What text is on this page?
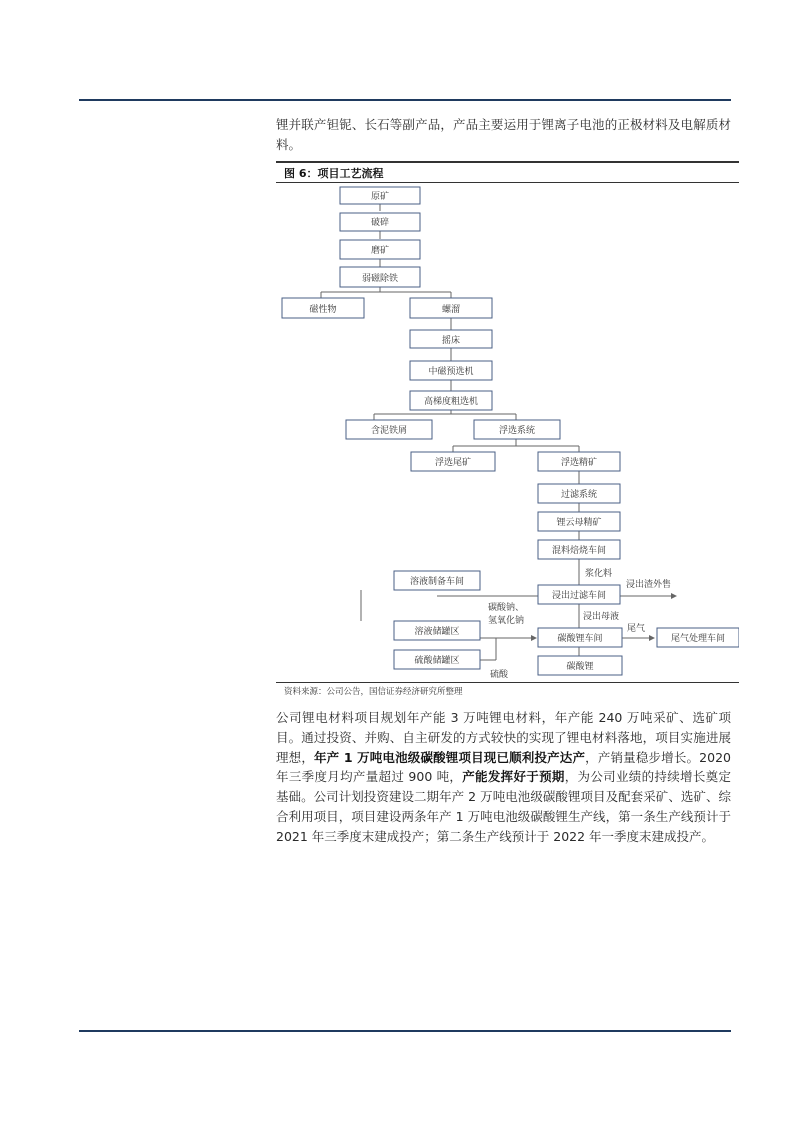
锂并联产钽铌、长石等副产品，产品主要运用于锂离子电池的正极材料及电解质材料。

图 6：项目工艺流程
原矿
破碎
磨矿
弱磁除铁
磁性物	螺溜
摇床
中磁预选机
高梯度粗选机
含泥铁屑	浮选系统
浮选尾矿	浮选精矿
过滤系统
锂云母精矿
混料焙烧车间
浸出过滤车间
溶液制备车间
溶液储罐区
硫酸储罐区
碳酸锂车间
碳酸锂
尾气处理车间
浆化料
浸出渣外售
浸出母液
尾气
碳酸钠、
氢氧化钠
硫酸
资料来源：公司公告，国信证券经济研究所整理

公司锂电材料项目规划年产能 3 万吨锂电材料，年产能 240 万吨采矿、选矿项目。通过投资、并购、自主研发的方式较快的实现了锂电材料落地，项目实施进展理想，年产 1 万吨电池级碳酸锂项目现已顺利投产达产，产销量稳步增长。2020 年三季度月均产量超过 900 吨，产能发挥好于预期，为公司业绩的持续增长奠定基础。公司计划投资建设二期年产 2 万吨电池级碳酸锂项目及配套采矿、选矿、综合利用项目，项目建设两条年产 1 万吨电池级碳酸锂生产线，第一条生产线预计于 2021 年三季度末建成投产；第二条生产线预计于 2022 年一季度末建成投产。
